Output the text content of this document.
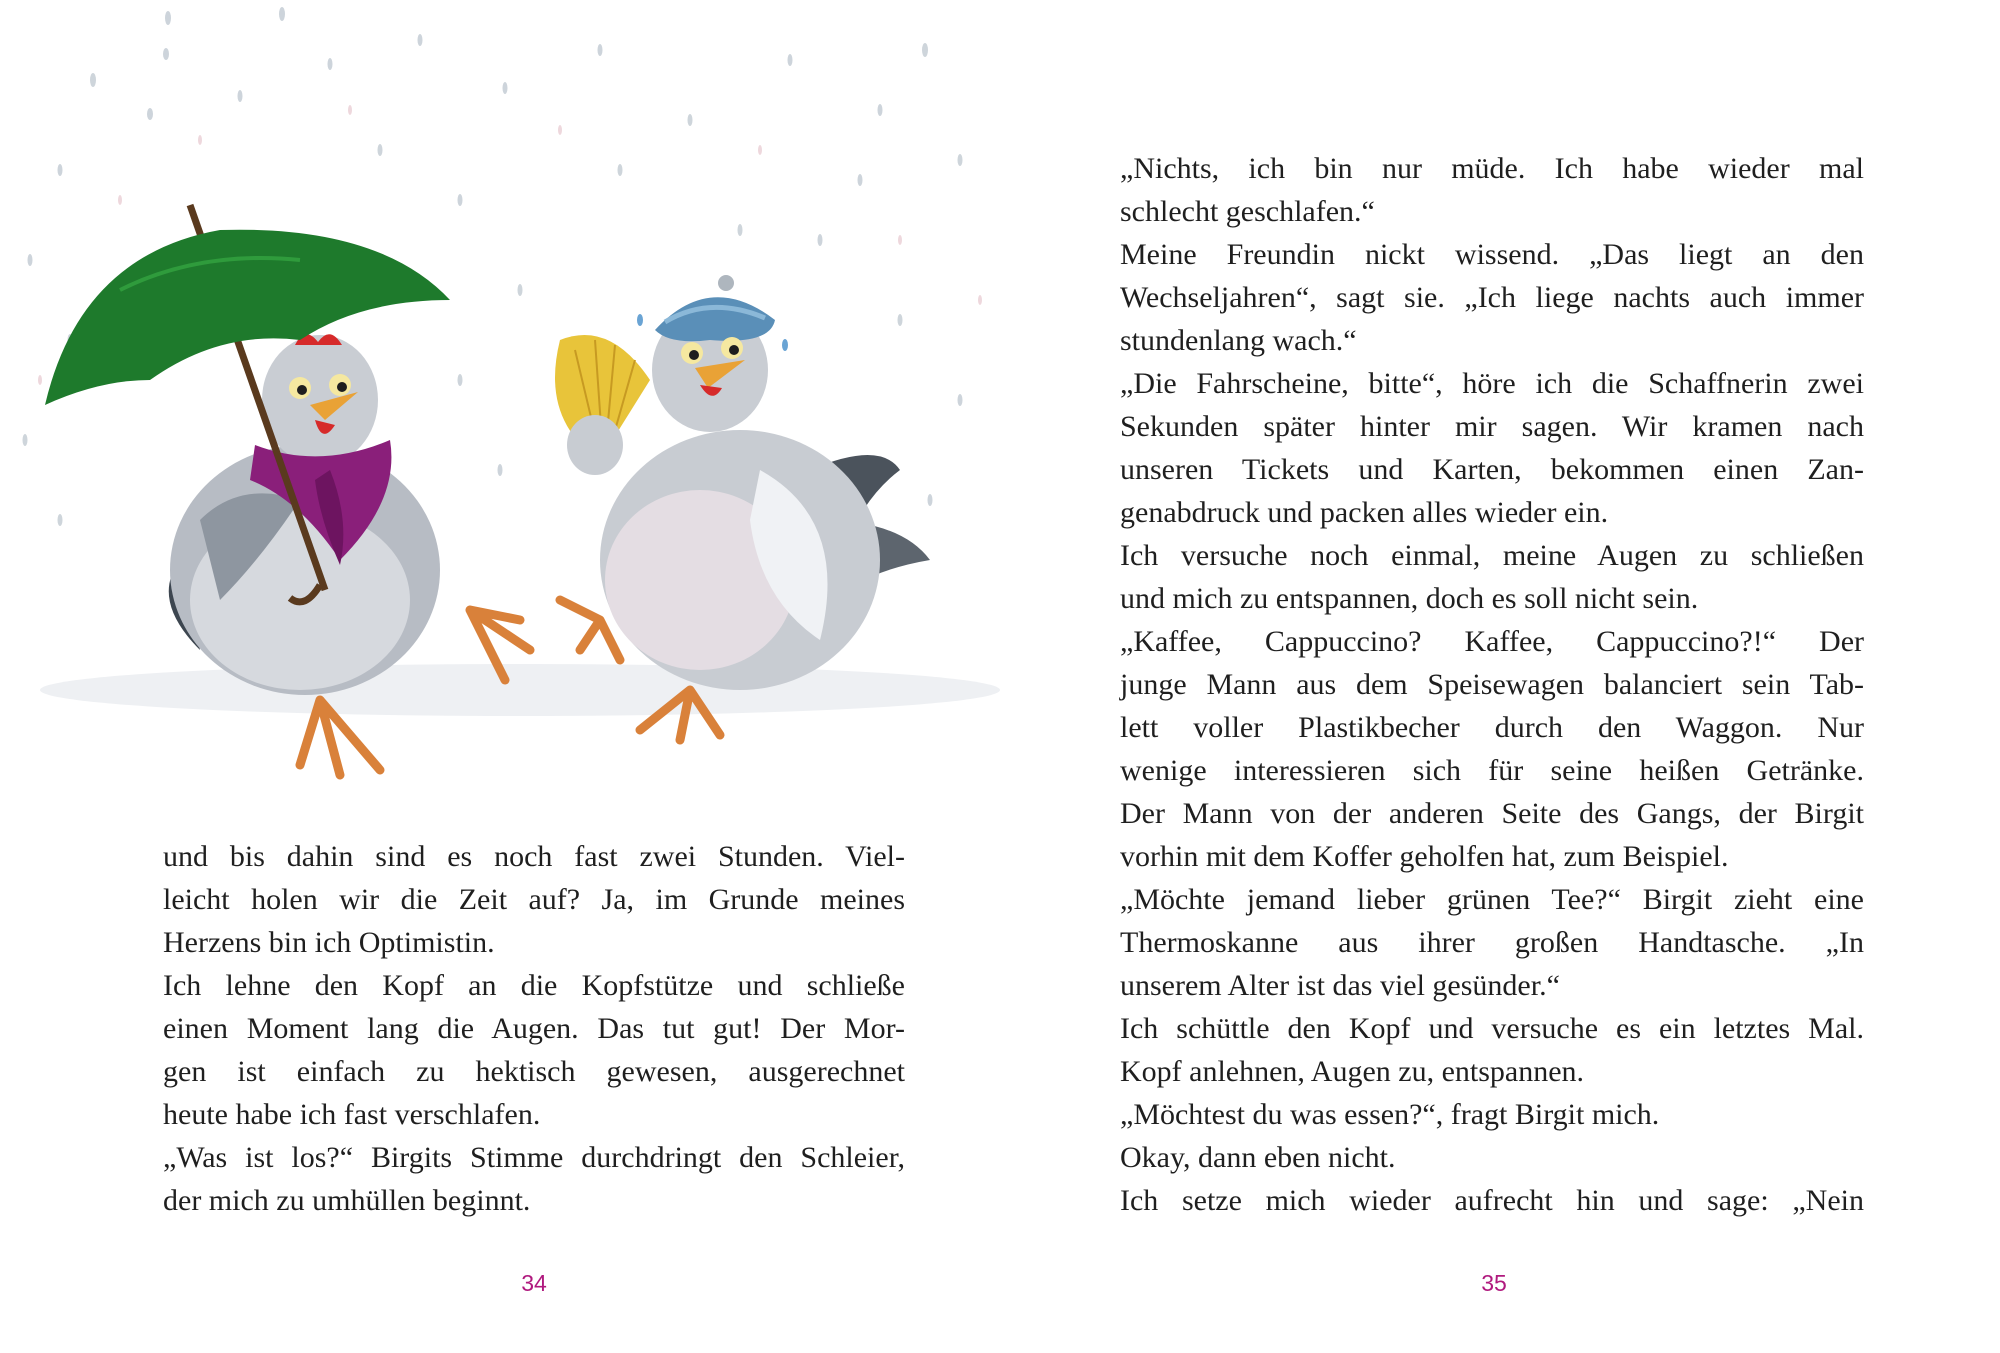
und bis dahin sind es noch fast zwei Stunden. Viel-
leicht holen wir die Zeit auf? Ja, im Grunde meines
Herzens bin ich Optimistin.

Ich lehne den Kopf an die Kopfstütze und schließe
einen Moment lang die Augen. Das tut gut! Der Mor-
gen ist einfach zu hektisch gewesen, ausgerechnet
heute habe ich fast verschlafen.

„Was ist los?“ Birgits Stimme durchdringt den Schleier,
der mich zu umhüllen beginnt.

34

„Nichts, ich bin nur müde. Ich habe wieder mal
schlecht geschlafen.“

Meine Freundin nickt wissend. „Das liegt an den
Wechseljahren“, sagt sie. „Ich liege nachts auch immer
stundenlang wach.“

„Die Fahrscheine, bitte“, höre ich die Schaffnerin zwei
Sekunden später hinter mir sagen. Wir kramen nach
unseren Tickets und Karten, bekommen einen Zan-
genabdruck und packen alles wieder ein.

Ich versuche noch einmal, meine Augen zu schließen
und mich zu entspannen, doch es soll nicht sein.

„Kaffee, Cappuccino? Kaffee, Cappuccino?!“ Der
junge Mann aus dem Speisewagen balanciert sein Tab-
lett voller Plastikbecher durch den Waggon. Nur
wenige interessieren sich für seine heißen Getränke.
Der Mann von der anderen Seite des Gangs, der Birgit
vorhin mit dem Koffer geholfen hat, zum Beispiel.

„Möchte jemand lieber grünen Tee?“ Birgit zieht eine
Thermoskanne aus ihrer großen Handtasche. „In
unserem Alter ist das viel gesünder.“

Ich schüttle den Kopf und versuche es ein letztes Mal.
Kopf anlehnen, Augen zu, entspannen.

„Möchtest du was essen?“, fragt Birgit mich.

Okay, dann eben nicht.

Ich setze mich wieder aufrecht hin und sage: „Nein

35
